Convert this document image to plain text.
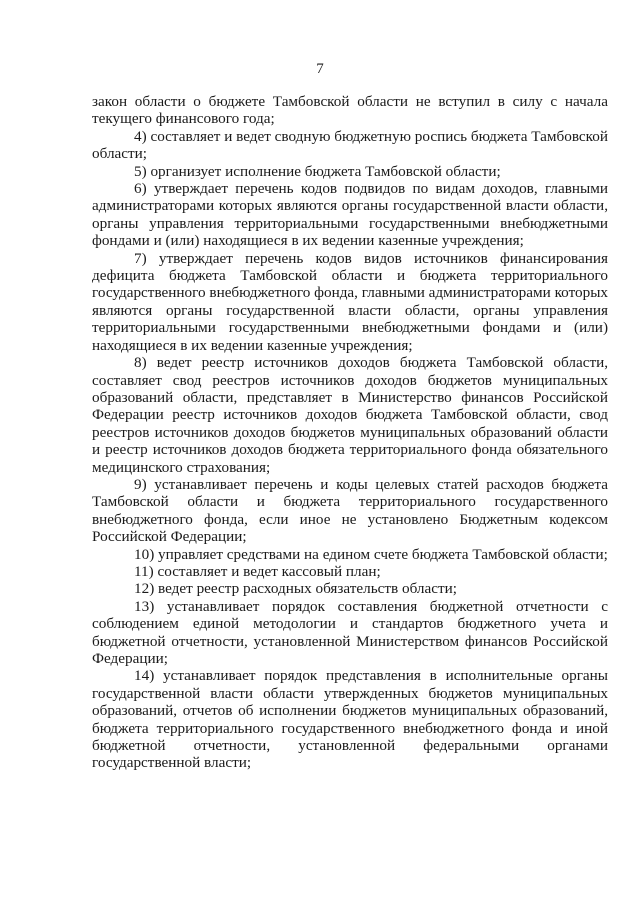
7

закон области о бюджете Тамбовской области не вступил в силу с начала текущего финансового года;

4) составляет и ведет сводную бюджетную роспись бюджета Тамбовской области;

5) организует исполнение бюджета Тамбовской области;

6) утверждает перечень кодов подвидов по видам доходов, главными администраторами которых являются органы государственной власти области, органы управления территориальными государственными внебюджетными фондами и (или) находящиеся в их ведении казенные учреждения;

7) утверждает перечень кодов видов источников финансирования дефицита бюджета Тамбовской области и бюджета территориального государственного внебюджетного фонда, главными администраторами которых являются органы государственной власти области, органы управления территориальными государственными внебюджетными фондами и (или) находящиеся в их ведении казенные учреждения;

8) ведет реестр источников доходов бюджета Тамбовской области, составляет свод реестров источников доходов бюджетов муниципальных образований области, представляет в Министерство финансов Российской Федерации реестр источников доходов бюджета Тамбовской области, свод реестров источников доходов бюджетов муниципальных образований области и реестр источников доходов бюджета территориального фонда обязательного медицинского страхования;

9) устанавливает перечень и коды целевых статей расходов бюджета Тамбовской области и бюджета территориального государственного внебюджетного фонда, если иное не установлено Бюджетным кодексом Российской Федерации;

10) управляет средствами на едином счете бюджета Тамбовской области;

11) составляет и ведет кассовый план;

12) ведет реестр расходных обязательств области;

13) устанавливает порядок составления бюджетной отчетности с соблюдением единой методологии и стандартов бюджетного учета и бюджетной отчетности, установленной Министерством финансов Российской Федерации;

14) устанавливает порядок представления в исполнительные органы государственной власти области утвержденных бюджетов муниципальных образований, отчетов об исполнении бюджетов муниципальных образований, бюджета территориального государственного внебюджетного фонда и иной бюджетной отчетности, установленной федеральными органами государственной власти;
